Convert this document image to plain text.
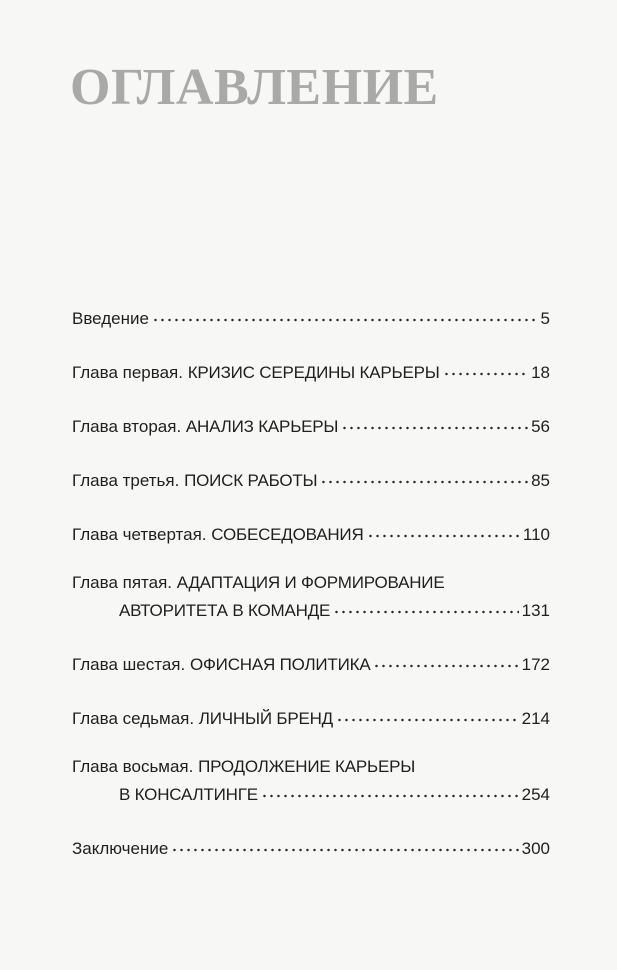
ОГЛАВЛЕНИЕ
Введение	5
Глава первая. КРИЗИС СЕРЕДИНЫ КАРЬЕРЫ	18
Глава вторая. АНАЛИЗ КАРЬЕРЫ	56
Глава третья. ПОИСК РАБОТЫ	85
Глава четвертая. СОБЕСЕДОВАНИЯ	110
Глава пятая. АДАПТАЦИЯ И ФОРМИРОВАНИЕ
АВТОРИТЕТА В КОМАНДЕ	131
Глава шестая. ОФИСНАЯ ПОЛИТИКА	172
Глава седьмая. ЛИЧНЫЙ БРЕНД	214
Глава восьмая. ПРОДОЛЖЕНИЕ КАРЬЕРЫ
В КОНСАЛТИНГЕ	254
Заключение	300
